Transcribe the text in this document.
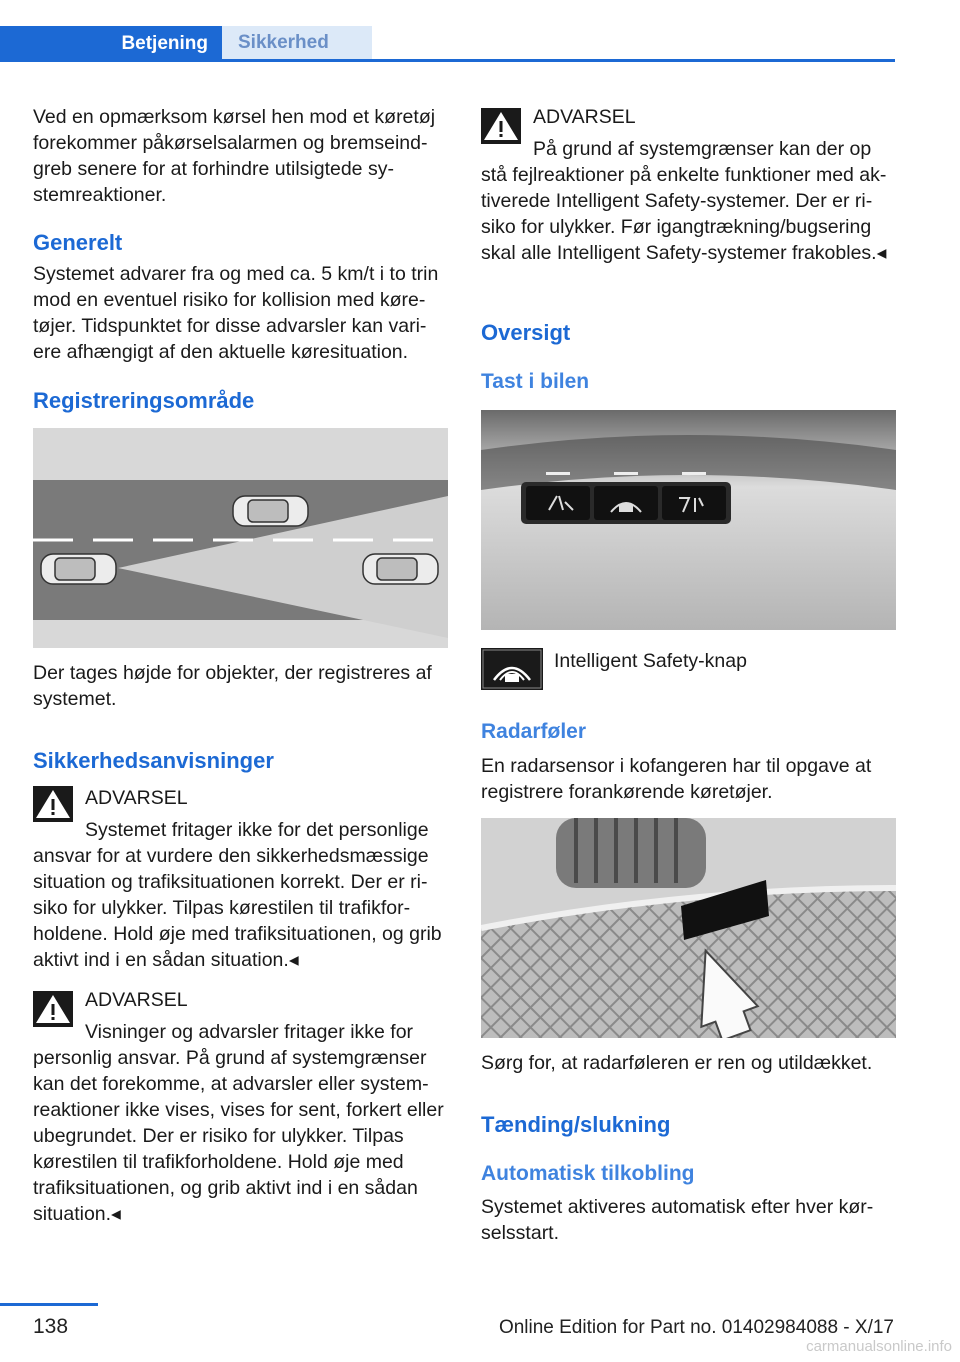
Betjening	Sikkerhed

Ved en opmærksom kørsel hen mod et køretøj forekommer påkørselsalarmen og bremseindgreb senere for at forhindre utilsigtede systemreaktioner.

Generelt

Systemet advarer fra og med ca. 5 km/t i to trin mod en eventuel risiko for kollision med køretøjer. Tidspunktet for disse advarsler kan variere afhængigt af den aktuelle køresituation.

Registreringsområde

Der tages højde for objekter, der registreres af systemet.

Sikkerhedsanvisninger

ADVARSEL

Systemet fritager ikke for det personlige

ansvar for at vurdere den sikkerhedsmæssige situation og trafiksituationen korrekt. Der er risiko for ulykker. Tilpas kørestilen til trafikforholdene. Hold øje med trafiksituationen, og grib aktivt ind i en sådan situation.◂

ADVARSEL

Visninger og advarsler fritager ikke for

personlig ansvar. På grund af systemgrænser kan det forekomme, at advarsler eller systemreaktioner ikke vises, vises for sent, forkert eller ubegrundet. Der er risiko for ulykker. Tilpas kørestilen til trafikforholdene. Hold øje med trafiksituationen, og grib aktivt ind i en sådan situation.◂

ADVARSEL

På grund af systemgrænser kan der op

stå fejlreaktioner på enkelte funktioner med aktiverede Intelligent Safety-systemer. Der er risiko for ulykker. Før igangtrækning/bugsering skal alle Intelligent Safety-systemer frakobles.◂

Oversigt
Tast i bilen

Intelligent Safety-knap

Radarføler

En radarsensor i kofangeren har til opgave at registrere forankørende køretøjer.

Sørg for, at radarføleren er ren og utildækket.

Tænding/slukning
Automatisk tilkobling

Systemet aktiveres automatisk efter hver kørselsstart.

138	Online Edition for Part no. 01402984088 - X/17
carmanualsonline.info
